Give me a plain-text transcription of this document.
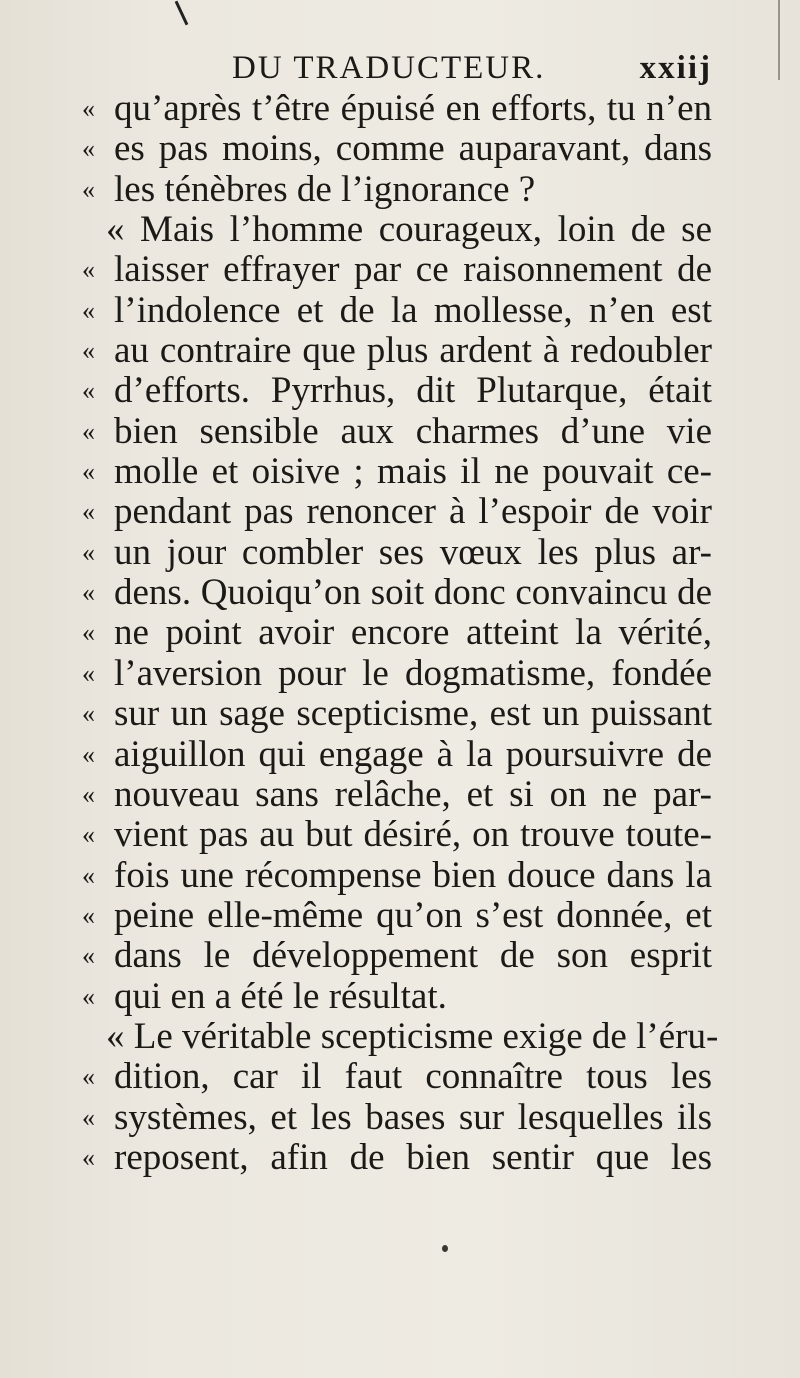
DU TRADUCTEUR.	xxiij
« qu’après t’être épuisé en efforts, tu n’en
« es pas moins, comme auparavant, dans
« les ténèbres de l’ignorance ?
« Mais l’homme courageux, loin de se
« laisser effrayer par ce raisonnement de
« l’indolence et de la mollesse, n’en est
« au contraire que plus ardent à redoubler
« d’efforts. Pyrrhus, dit Plutarque, était
« bien sensible aux charmes d’une vie
« molle et oisive ; mais il ne pouvait ce-
« pendant pas renoncer à l’espoir de voir
« un jour combler ses vœux les plus ar-
« dens. Quoiqu’on soit donc convaincu de
« ne point avoir encore atteint la vérité,
« l’aversion pour le dogmatisme, fondée
« sur un sage scepticisme, est un puissant
« aiguillon qui engage à la poursuivre de
« nouveau sans relâche, et si on ne par-
« vient pas au but désiré, on trouve toute-
« fois une récompense bien douce dans la
« peine elle-même qu’on s’est donnée, et
« dans le développement de son esprit
« qui en a été le résultat.
« Le véritable scepticisme exige de l’éru-
« dition, car il faut connaître tous les
« systèmes, et les bases sur lesquelles ils
« reposent, afin de bien sentir que les
